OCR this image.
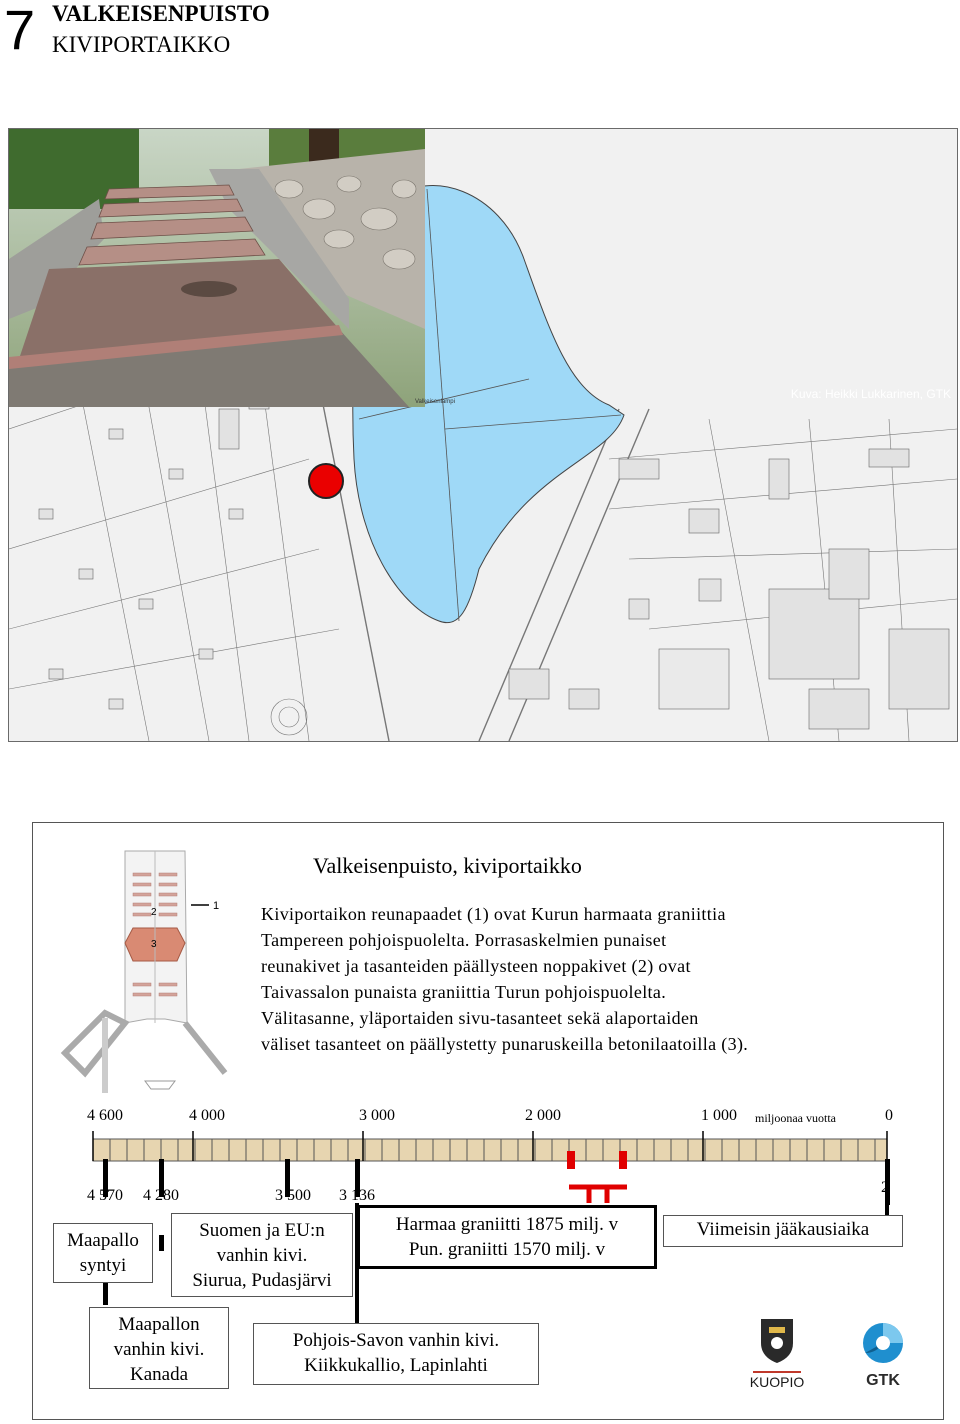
7 VALKEISENPUISTO
KIVIPORTAIKKO
Kuva: Heikki Lukkarinen, GTK
Valkeisenlampi
1
2
3
Valkeisenpuisto, kiviportaikko
Kiviportaikon reunapaadet (1) ovat Kurun harmaata graniittia
Tampereen pohjoispuolelta. Porrasaskelmien punaiset
reunakivet ja tasanteiden päällysteen noppakivet (2) ovat
Taivassalon punaista graniittia Turun pohjoispuolelta.
Välitasanne, yläportaiden sivu-tasanteet sekä alaportaiden
väliset tasanteet on päällystetty punaruskeilla betonilaatoilla (3).
4 600	4 000	3 000	2 000	1 000 miljoonaa vuotta	0
4 570 4 280	3 500 3 136	2
Maapallo
syntyi
Maapallon
vanhin kivi.
Kanada
Suomen ja EU:n
vanhin kivi.
Siurua, Pudasjärvi
Pohjois-Savon vanhin kivi.
Kiikkukallio, Lapinlahti
Harmaa graniitti 1875 milj. v
Pun. graniitti 1570 milj. v
Viimeisin jääkausiaika
KUOPIO	GTK
